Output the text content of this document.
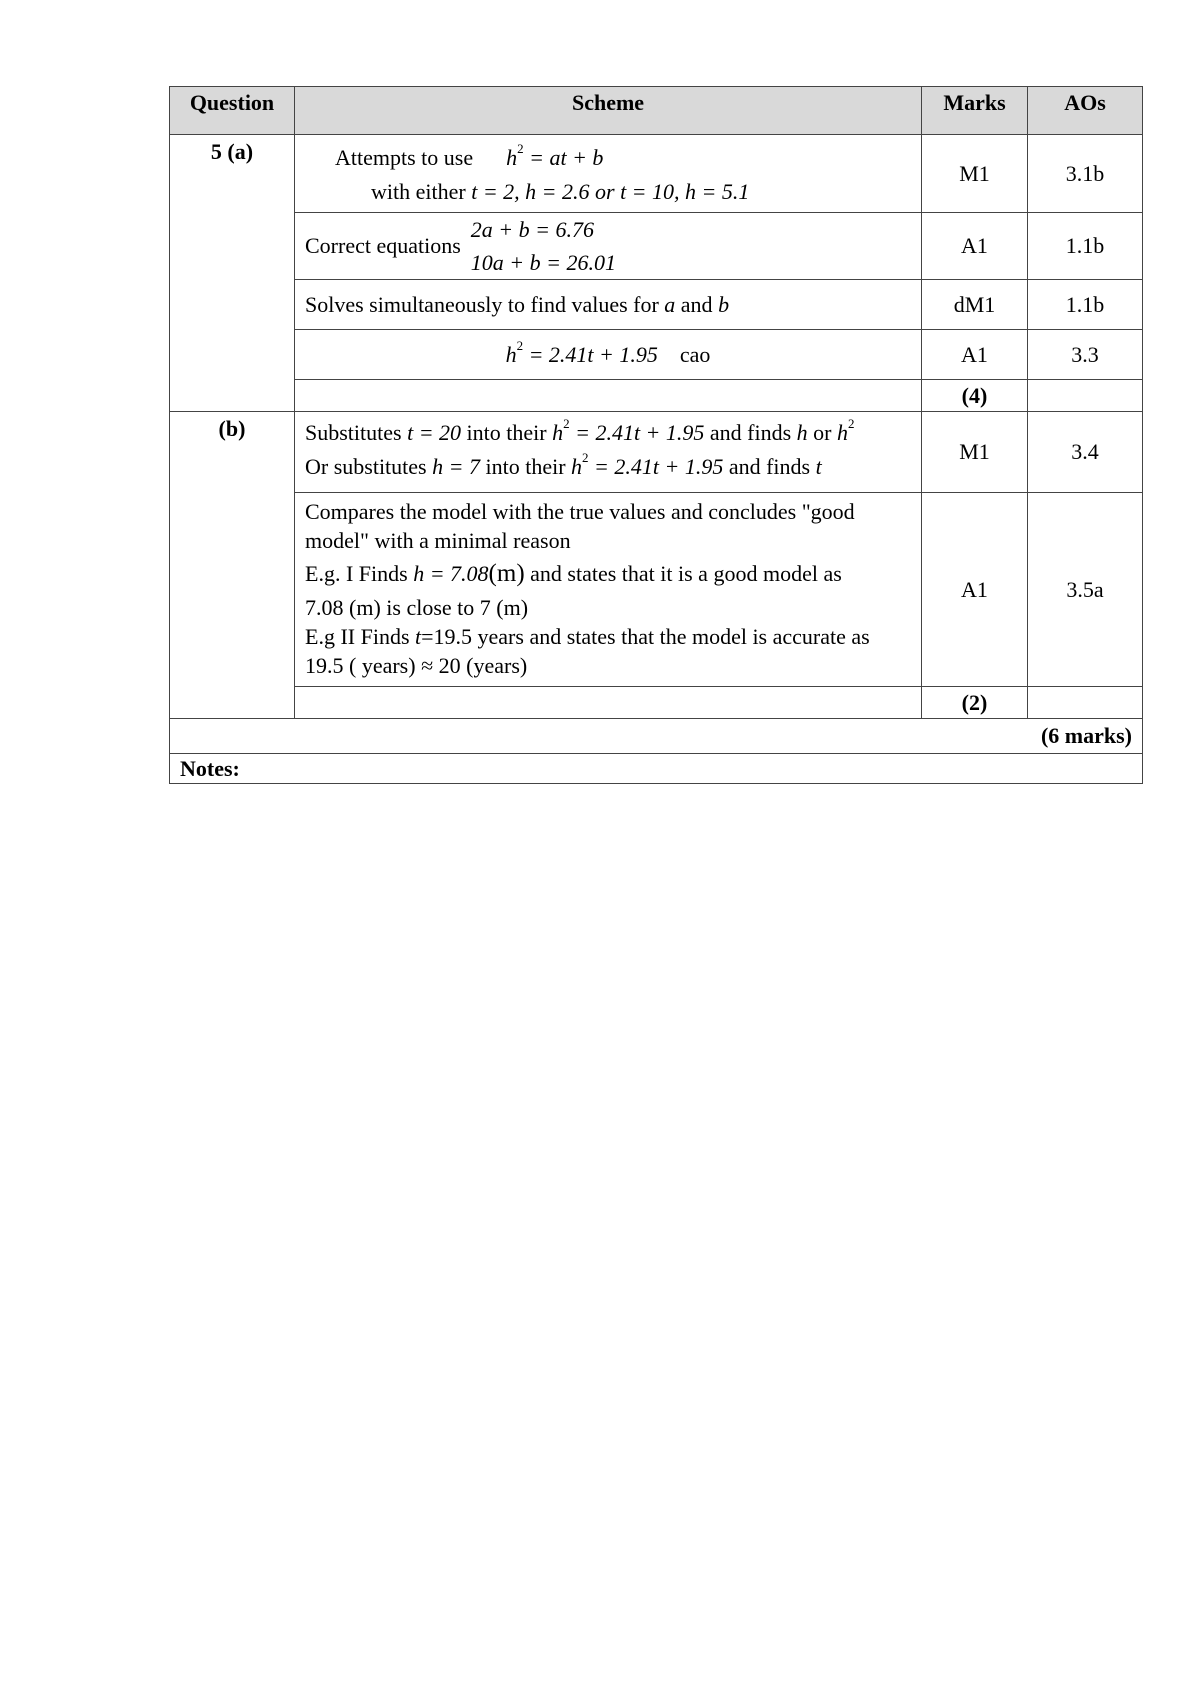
Question	Scheme	Marks	AOs

5 (a)	Attempts to use $h^2$ = at + b
with either t = 2, h = 2.6 or t = 10, h = 5.1	M1	3.1b

	Correct equations
2a + b = 6.76
10a + b = 26.01	A1	1.1b
	Solves simultaneously to find values for a and b	dM1	1.1b
	$h^2 = 2.41t + 1.95$ cao	A1	3.3
		(4)	

(b)	Substitutes t = 20 into their $h^2 = 2.41t + 1.95$ and finds h or $h^2$
Or substitutes h = 7 into their $h^2 = 2.41t + 1.95$ and finds t	M1	3.4

	Compares the model with the true values and concludes "good model" with a minimal reason
E.g. I Finds h = 7.08(m) and states that it is a good model as
7.08 (m) is close to 7 (m)
E.g II Finds t=19.5 years and states that the model is accurate as 19.5 ( years) ≈ 20 (years)	A1	3.5a
		(2)	
(6 marks)			
Notes:			
